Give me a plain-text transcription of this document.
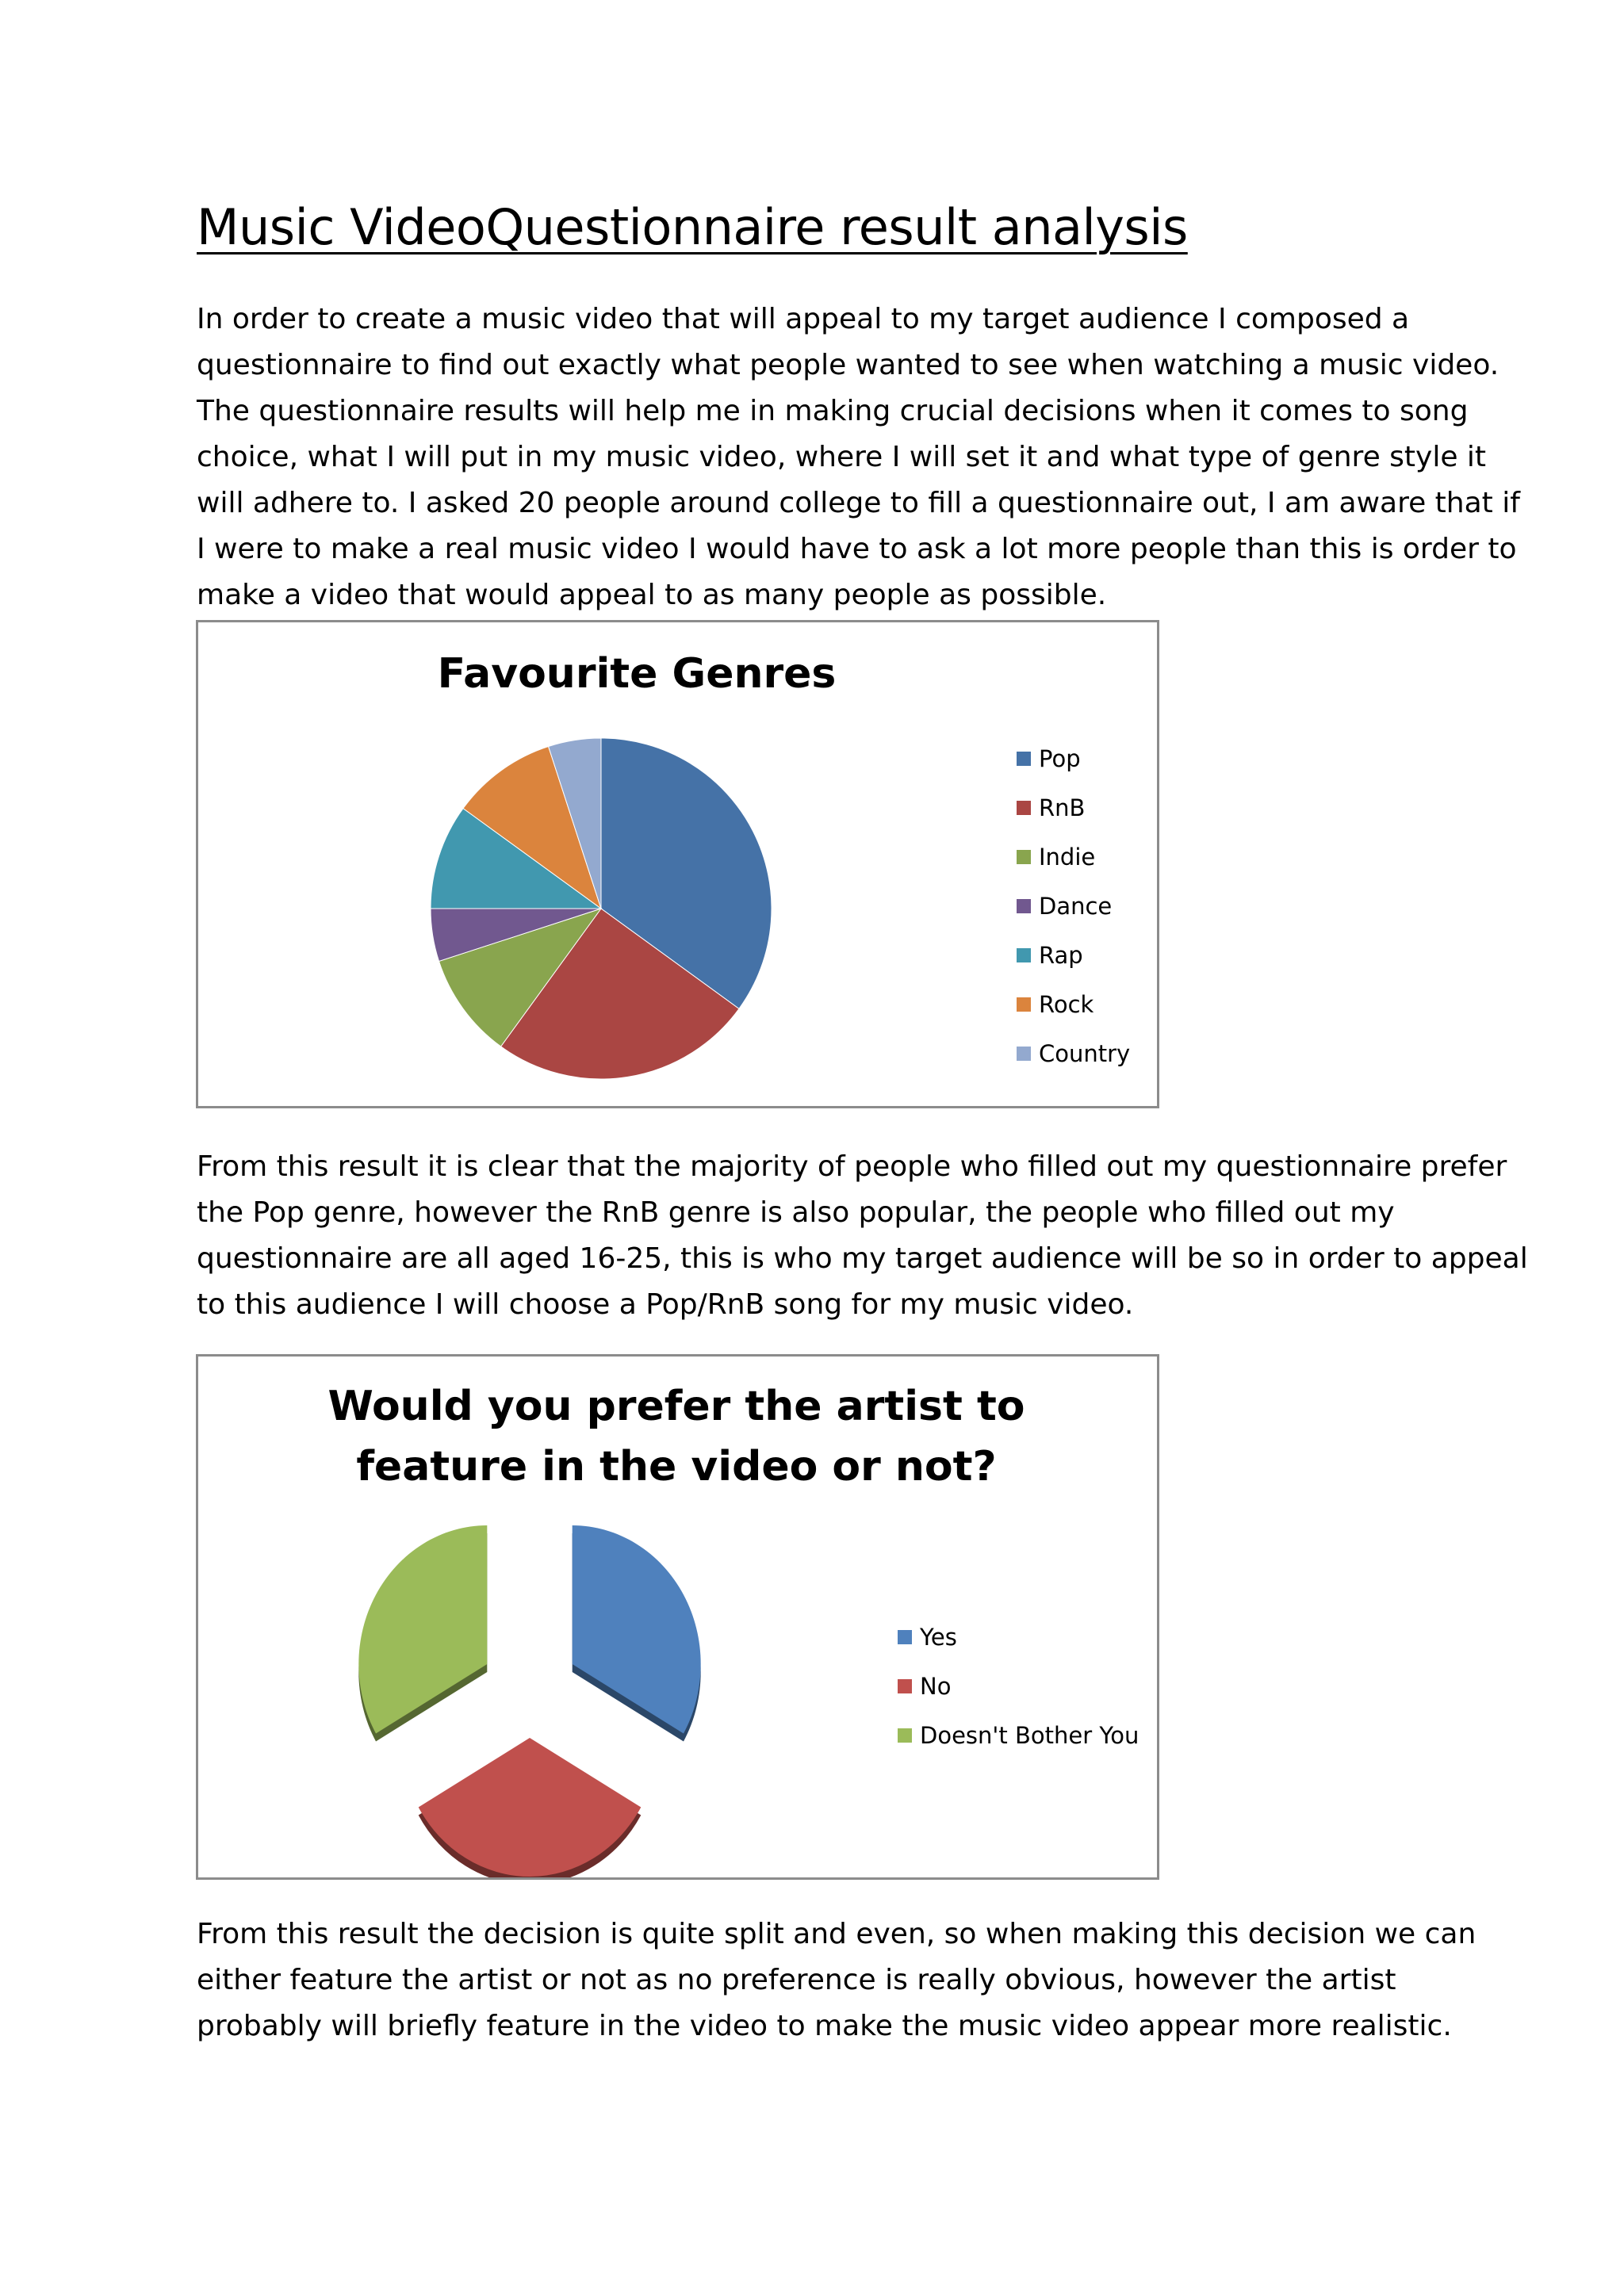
Music VideoQuestionnaire result analysis
In order to create a music video that will appeal to my target audience I composed a
questionnaire to find out exactly what people wanted to see when watching a music video.
The questionnaire results will help me in making crucial decisions when it comes to song
choice, what I will put in my music video, where I will set it and what type of genre style it
will adhere to. I asked 20 people around college to fill a questionnaire out, I am aware that if
I were to make a real music video I would have to ask a lot more people than this is order to
make a video that would appeal to as many people as possible.
Favourite Genres
Pop
RnB
Indie
Dance
Rap
Rock
Country
From this result it is clear that the majority of people who filled out my questionnaire prefer
the Pop genre, however the RnB genre is also popular, the people who filled out my
questionnaire are all aged 16-25, this is who my target audience will be so in order to appeal
to this audience I will choose a Pop/RnB song for my music video.
Would you prefer the artist to
feature in the video or not?
Yes
No
Doesn't Bother You
From this result the decision is quite split and even, so when making this decision we can
either feature the artist or not as no preference is really obvious, however the artist
probably will briefly feature in the video to make the music video appear more realistic.
